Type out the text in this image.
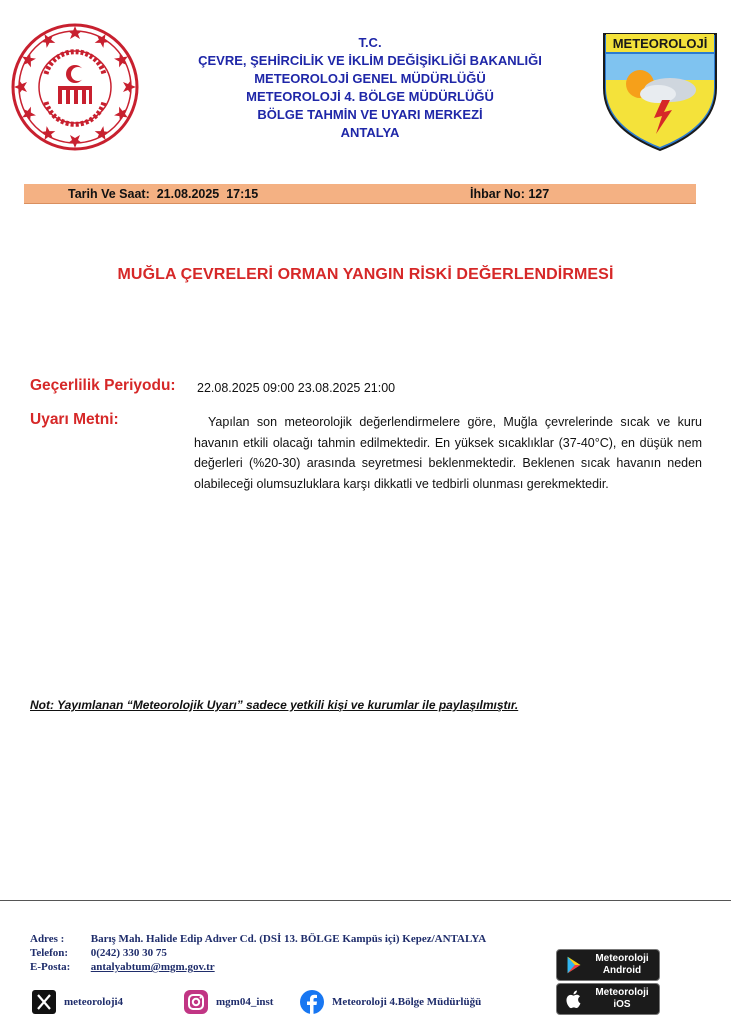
T.C.
ÇEVRE, ŞEHİRCİLİK VE İKLİM DEĞİŞİKLİĞİ BAKANLIĞI
METEOROLOJİ GENEL MÜDÜRLÜĞÜ
METEOROLOJİ 4. BÖLGE MÜDÜRLÜĞÜ
BÖLGE TAHMİN VE UYARI MERKEZİ
ANTALYA
METEOROLOJİ
Tarih Ve Saat: 21.08.2025 17:15	İhbar No: 127
MUĞLA ÇEVRELERİ ORMAN YANGIN RİSKİ DEĞERLENDİRMESİ
Geçerlilik Periyodu: 22.08.2025 09:00 23.08.2025 21:00
Uyarı Metni:	Yapılan son meteorolojik değerlendirmelere göre, Muğla çevrelerinde sıcak ve kuru havanın etkili olacağı tahmin edilmektedir. En yüksek sıcaklıklar (37-40°C), en düşük nem değerleri (%20-30) arasında seyretmesi beklenmektedir. Beklenen sıcak havanın neden olabileceği olumsuzluklara karşı dikkatli ve tedbirli olunması gerekmektedir.
Not: Yayımlanan “Meteorolojik Uyarı” sadece yetkili kişi ve kurumlar ile paylaşılmıştır.
Adres : Barış Mah. Halide Edip Adıver Cd. (DSİ 13. BÖLGE Kampüs içi) Kepez/ANTALYA
Telefon: 0(242) 330 30 75
E-Posta: antalyabtum@mgm.gov.tr
meteoroloji4	mgm04_inst	Meteoroloji 4.Bölge Müdürlüğü
Meteoroloji
Android
Meteoroloji
iOS
